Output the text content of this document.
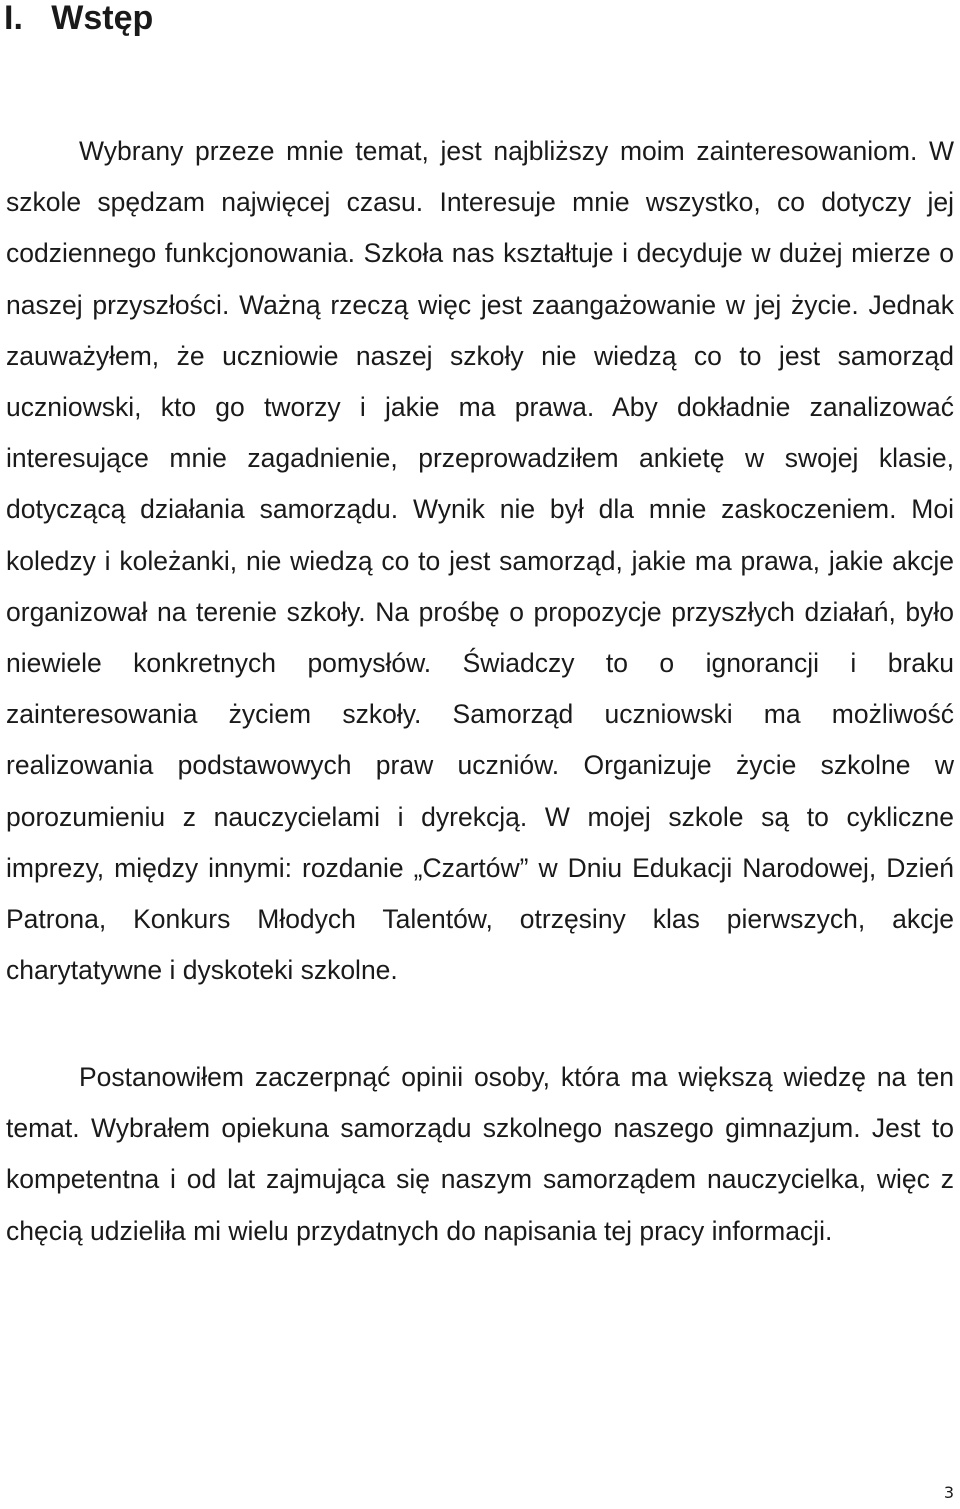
I. Wstęp

Wybrany przeze mnie temat, jest najbliższy moim zainteresowaniom. W szkole spędzam najwięcej czasu. Interesuje mnie wszystko, co dotyczy jej codziennego funkcjonowania. Szkoła nas kształtuje i decyduje w dużej mierze o naszej przyszłości. Ważną rzeczą więc jest zaangażowanie w jej życie. Jednak zauważyłem, że uczniowie naszej szkoły nie wiedzą co to jest samorząd uczniowski, kto go tworzy i jakie ma prawa. Aby dokładnie zanalizować interesujące mnie zagadnienie, przeprowadziłem ankietę w swojej klasie, dotyczącą działania samorządu. Wynik nie był dla mnie zaskoczeniem. Moi koledzy i koleżanki, nie wiedzą co to jest samorząd, jakie ma prawa, jakie akcje organizował na terenie szkoły. Na prośbę o propozycje przyszłych działań, było niewiele konkretnych pomysłów. Świadczy to o ignorancji i braku zainteresowania życiem szkoły. Samorząd uczniowski ma możliwość realizowania podstawowych praw uczniów. Organizuje życie szkolne w porozumieniu z nauczycielami i dyrekcją. W mojej szkole są to cykliczne imprezy, między innymi: rozdanie „Czartów” w Dniu Edukacji Narodowej, Dzień Patrona, Konkurs Młodych Talentów, otrzęsiny klas pierwszych, akcje charytatywne i dyskoteki szkolne.

Postanowiłem zaczerpnąć opinii osoby, która ma większą wiedzę na ten temat. Wybrałem opiekuna samorządu szkolnego naszego gimnazjum. Jest to kompetentna i od lat zajmująca się naszym samorządem nauczycielka, więc z chęcią udzieliła mi wielu przydatnych do napisania tej pracy informacji.

3
